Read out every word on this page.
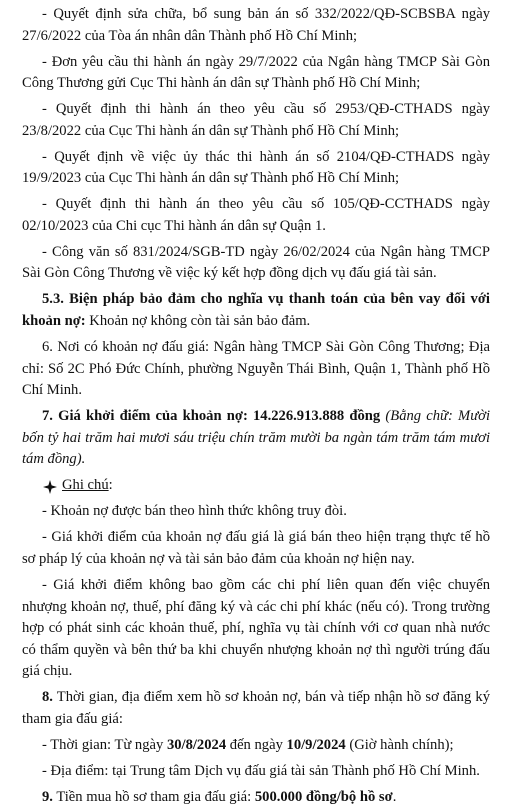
- Quyết định sửa chữa, bổ sung bản án số 332/2022/QĐ-SCBSBA ngày 27/6/2022 của Tòa án nhân dân Thành phố Hồ Chí Minh;

- Đơn yêu cầu thi hành án ngày 29/7/2022 của Ngân hàng TMCP Sài Gòn Công Thương gửi Cục Thi hành án dân sự Thành phố Hồ Chí Minh;

- Quyết định thi hành án theo yêu cầu số 2953/QĐ-CTHADS ngày 23/8/2022 của Cục Thi hành án dân sự Thành phố Hồ Chí Minh;

- Quyết định về việc ủy thác thi hành án số 2104/QĐ-CTHADS ngày 19/9/2023 của Cục Thi hành án dân sự Thành phố Hồ Chí Minh;

- Quyết định thi hành án theo yêu cầu số 105/QĐ-CCTHADS ngày 02/10/2023 của Chi cục Thi hành án dân sự Quận 1.

- Công văn số 831/2024/SGB-TD ngày 26/02/2024 của Ngân hàng TMCP Sài Gòn Công Thương về việc ký kết hợp đồng dịch vụ đấu giá tài sản.

5.3. Biện pháp bảo đảm cho nghĩa vụ thanh toán của bên vay đối với khoản nợ: Khoản nợ không còn tài sản bảo đảm.

6. Nơi có khoản nợ đấu giá: Ngân hàng TMCP Sài Gòn Công Thương; Địa chỉ: Số 2C Phó Đức Chính, phường Nguyễn Thái Bình, Quận 1, Thành phố Hồ Chí Minh.

7. Giá khởi điểm của khoản nợ: 14.226.913.888 đồng (Bằng chữ: Mười bốn tỷ hai trăm hai mươi sáu triệu chín trăm mười ba ngàn tám trăm tám mươi tám đồng).

Ghi chú :

- Khoản nợ được bán theo hình thức không truy đòi.

- Giá khởi điểm của khoản nợ đấu giá là giá bán theo hiện trạng thực tế hồ sơ pháp lý của khoản nợ và tài sản bảo đảm của khoản nợ hiện nay.

- Giá khởi điểm không bao gồm các chi phí liên quan đến việc chuyển nhượng khoản nợ, thuế, phí đăng ký và các chi phí khác (nếu có). Trong trường hợp có phát sinh các khoản thuế, phí, nghĩa vụ tài chính với cơ quan nhà nước có thẩm quyền và bên thứ ba khi chuyển nhượng khoản nợ thì người trúng đấu giá chịu.

8. Thời gian, địa điểm xem hồ sơ khoản nợ, bán và tiếp nhận hồ sơ đăng ký tham gia đấu giá:

- Thời gian: Từ ngày 30/8/2024 đến ngày 10/9/2024 (Giờ hành chính);

- Địa điểm: tại Trung tâm Dịch vụ đấu giá tài sản Thành phố Hồ Chí Minh.

9. Tiền mua hồ sơ tham gia đấu giá: 500.000 đồng/bộ hồ sơ.
